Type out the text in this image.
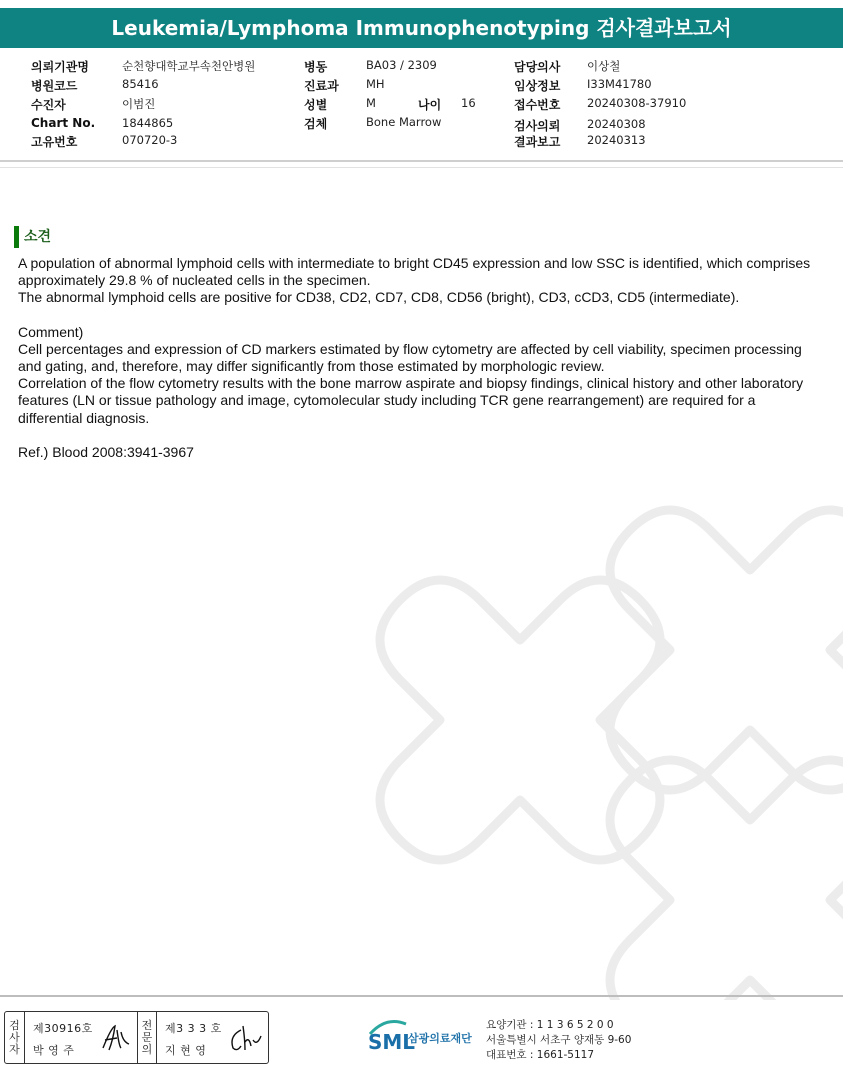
Leukemia/Lymphoma Immunophenotyping 검사결과보고서
의뢰기관명	순천향대학교부속천안병원
병원코드	85416
수진자	이범진
Chart No. 1844865
고유번호	070720-3
병동	BA03 / 2309
진료과 MH
성별	M	나이 16
검체	Bone Marrow
담당의사 이상철
임상정보 I33M41780
접수번호 20240308-37910
검사의뢰 20240308
결과보고 20240313
소견

A population of abnormal lymphoid cells with intermediate to bright CD45 expression and low SSC is identified, which comprises approximately 29.8 % of nucleated cells in the specimen.

The abnormal lymphoid cells are positive for CD38, CD2, CD7, CD8, CD56 (bright), CD3, cCD3, CD5 (intermediate).

Comment)

Cell percentages and expression of CD markers estimated by flow cytometry are affected by cell viability, specimen processing and gating, and, therefore, may differ significantly from those estimated by morphologic review.

Correlation of the flow cytometry results with the bone marrow aspirate and biopsy findings, clinical history and other laboratory features (LN or tissue pathology and image, cytomolecular study including TCR gene rearrangement) are required for a differential diagnosis.

Ref.) Blood 2008:3941-3967

검
사
자
제30916호
박 영 주
전
문
의
제3 3 3 호
지 현 영	SML
삼광의료재단
요양기관 : 1 1 3 6 5 2 0 0
서울특별시 서초구 양재동 9-60
대표번호 : 1661-5117
